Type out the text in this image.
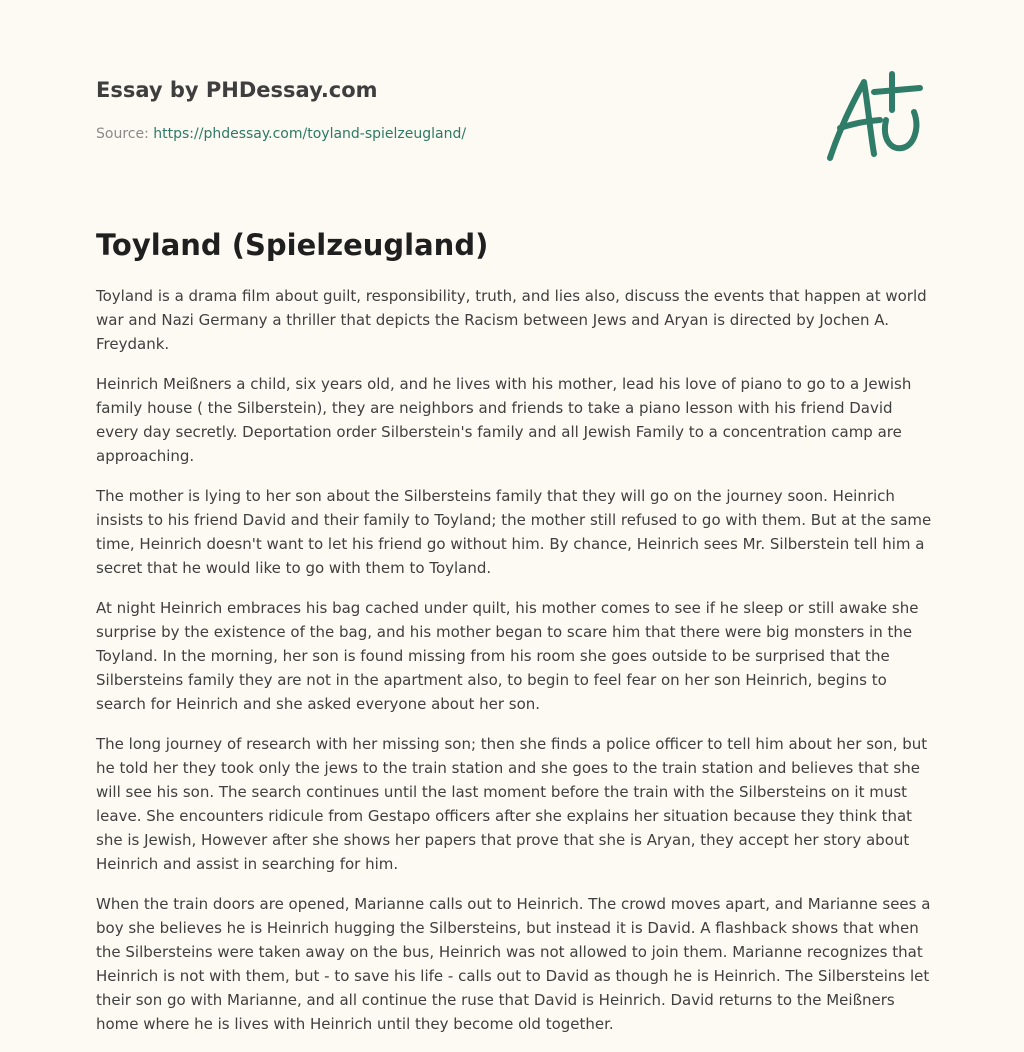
Essay by PHDessay.com
Source: https://phdessay.com/toyland-spielzeugland/
Toyland (Spielzeugland)

Toyland is a drama film about guilt, responsibility, truth, and lies also, discuss the events that happen at world war and Nazi Germany a thriller that depicts the Racism between Jews and Aryan is directed by Jochen A. Freydank.

Heinrich Meißners a child, six years old, and he lives with his mother, lead his love of piano to go to a Jewish family house ( the Silberstein), they are neighbors and friends to take a piano lesson with his friend David every day secretly. Deportation order Silberstein's family and all Jewish Family to a concentration camp are approaching.

The mother is lying to her son about the Silbersteins family that they will go on the journey soon. Heinrich insists to his friend David and their family to Toyland; the mother still refused to go with them. But at the same time, Heinrich doesn't want to let his friend go without him. By chance, Heinrich sees Mr. Silberstein tell him a secret that he would like to go with them to Toyland.

At night Heinrich embraces his bag cached under quilt, his mother comes to see if he sleep or still awake she surprise by the existence of the bag, and his mother began to scare him that there were big monsters in the Toyland. In the morning, her son is found missing from his room she goes outside to be surprised that the Silbersteins family they are not in the apartment also, to begin to feel fear on her son Heinrich, begins to search for Heinrich and she asked everyone about her son.

The long journey of research with her missing son; then she finds a police officer to tell him about her son, but he told her they took only the jews to the train station and she goes to the train station and believes that she will see his son. The search continues until the last moment before the train with the Silbersteins on it must leave. She encounters ridicule from Gestapo officers after she explains her situation because they think that she is Jewish, However after she shows her papers that prove that she is Aryan, they accept her story about Heinrich and assist in searching for him.

When the train doors are opened, Marianne calls out to Heinrich. The crowd moves apart, and Marianne sees a boy she believes he is Heinrich hugging the Silbersteins, but instead it is David. A flashback shows that when the Silbersteins were taken away on the bus, Heinrich was not allowed to join them. Marianne recognizes that Heinrich is not with them, but - to save his life - calls out to David as though he is Heinrich. The Silbersteins let their son go with Marianne, and all continue the ruse that David is Heinrich. David returns to the Meißners home where he is lives with Heinrich until they become old together.
